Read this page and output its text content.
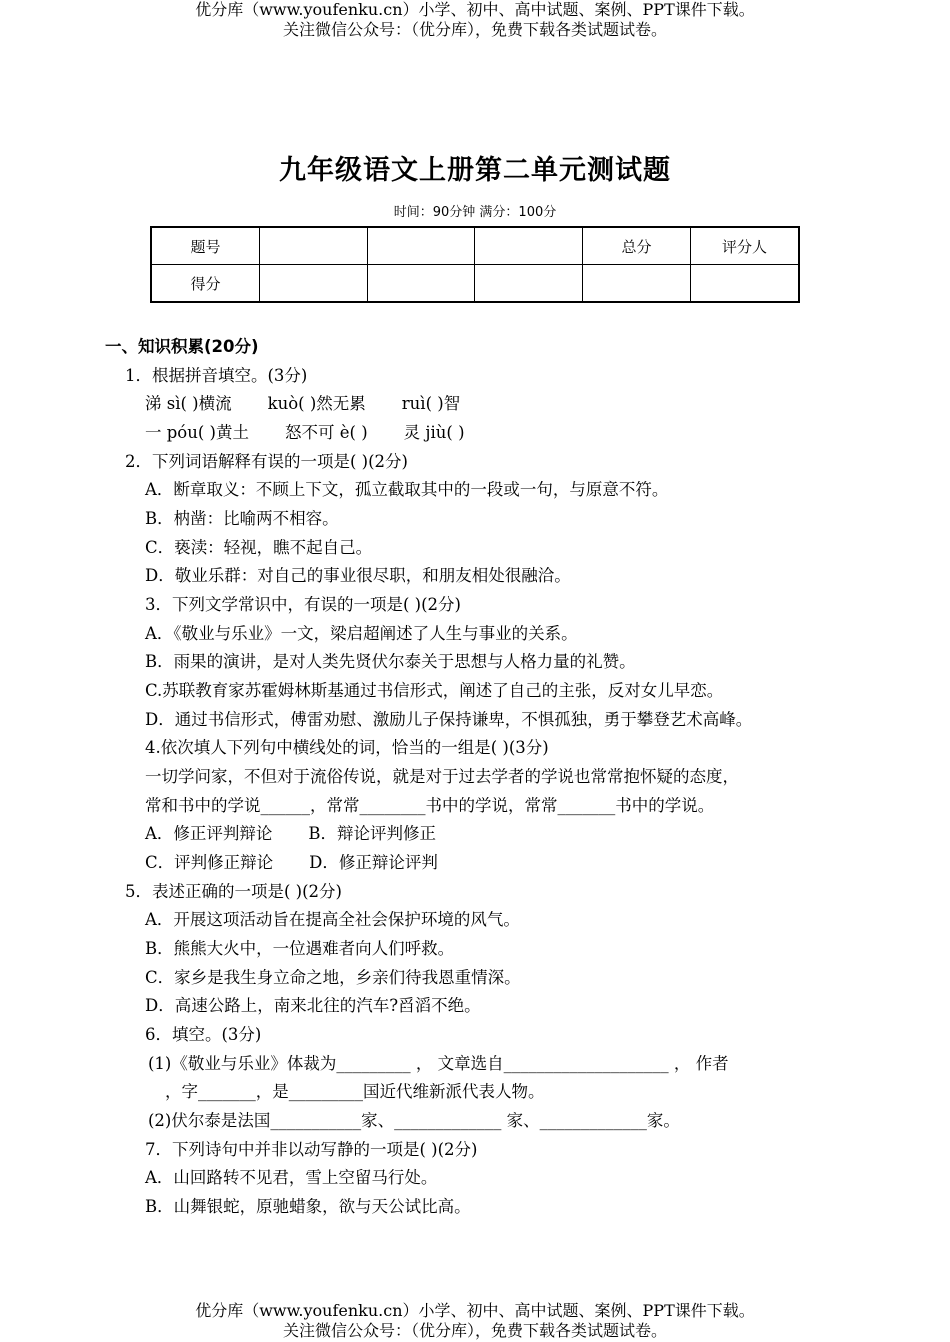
优分库（www.youfenku.cn）小学、初中、高中试题、案例、PPT课件下载。
关注微信公众号：（优分库），免费下载各类试题试卷。
九年级语文上册第二单元测试题
时间：90分钟 满分：100分
题号				总分	评分人
得分					
一、知识积累(20分)
1．根据拼音填空。(3分)
涕 sì( )横流 kuò( )然无累 ruì( )智
一 póu( )黄土 怒不可 è( ) 灵 jiù( )
2．下列词语解释有误的一项是( )(2分)
A．断章取义：不顾上下文，孤立截取其中的一段或一句，与原意不符。
B．枘凿：比喻两不相容。
C．亵渎：轻视，瞧不起自己。
D．敬业乐群：对自己的事业很尽职，和朋友相处很融洽。
3．下列文学常识中，有误的一项是( )(2分)
A．《敬业与乐业》一文，梁启超阐述了人生与事业的关系。
B．雨果的演讲，是对人类先贤伏尔泰关于思想与人格力量的礼赞。
C.苏联教育家苏霍姆林斯基通过书信形式，阐述了自己的主张，反对女儿早恋。
D．通过书信形式，傅雷劝慰、激励儿子保持谦卑，不惧孤独，勇于攀登艺术高峰。
4.依次填人下列句中横线处的词，恰当的一组是( )(3分)
一切学问家，不但对于流俗传说，就是对于过去学者的学说也常常抱怀疑的态度，
常和书中的学说______，常常________书中的学说，常常_______书中的学说。
A．修正评判辩论 B．辩论评判修正
C．评判修正辩论 D．修正辩论评判
5．表述正确的一项是( )(2分)
A．开展这项活动旨在提高全社会保护环境的风气。
B．熊熊大火中，一位遇难者向人们呼救。
C．家乡是我生身立命之地，乡亲们待我恩重情深。
D．高速公路上，南来北往的汽车?舀滔不绝。
6．填空。(3分)
(1)《敬业与乐业》体裁为_________ ， 文章选自____________________ ， 作者
，字_______，是_________国近代维新派代表人物。
(2)伏尔泰是法国___________家、_____________ 家、_____________家。
7．下列诗句中并非以动写静的一项是( )(2分)
A．山回路转不见君，雪上空留马行处。
B．山舞银蛇，原驰蜡象，欲与天公试比高。
优分库（www.youfenku.cn）小学、初中、高中试题、案例、PPT课件下载。
关注微信公众号：（优分库），免费下载各类试题试卷。
